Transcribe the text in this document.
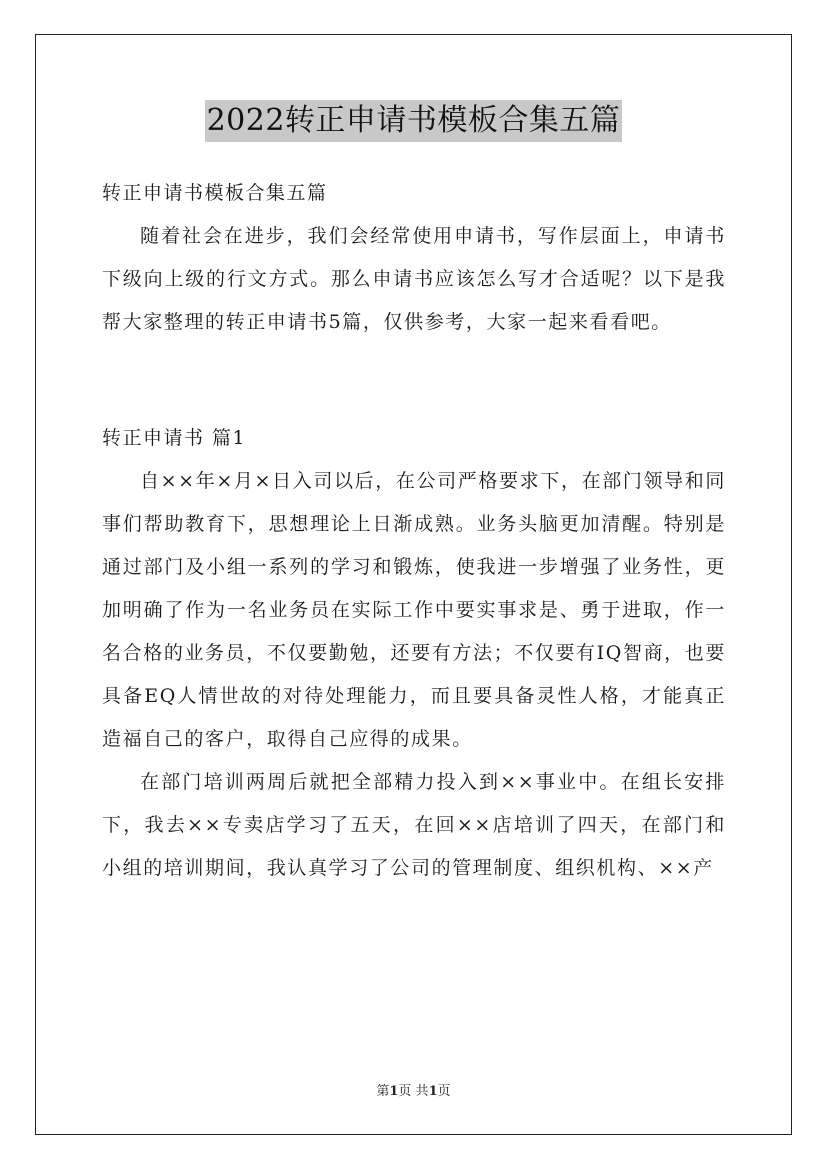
2022转正申请书模板合集五篇

转正申请书模板合集五篇

随着社会在进步，我们会经常使用申请书，写作层面上，申请书下级向上级的行文方式。那么申请书应该怎么写才合适呢？以下是我帮大家整理的转正申请书5篇，仅供参考，大家一起来看看吧。

转正申请书 篇1

自××年×月×日入司以后，在公司严格要求下，在部门领导和同事们帮助教育下，思想理论上日渐成熟。业务头脑更加清醒。特别是通过部门及小组一系列的学习和锻炼，使我进一步增强了业务性，更加明确了作为一名业务员在实际工作中要实事求是、勇于进取，作一名合格的业务员，不仅要勤勉，还要有方法；不仅要有IQ智商，也要具备EQ人情世故的对待处理能力，而且要具备灵性人格，才能真正造福自己的客户，取得自己应得的成果。

在部门培训两周后就把全部精力投入到××事业中。在组长安排下，我去××专卖店学习了五天，在回××店培训了四天，在部门和小组的培训期间，我认真学习了公司的管理制度、组织机构、××产

第1页 共1页
